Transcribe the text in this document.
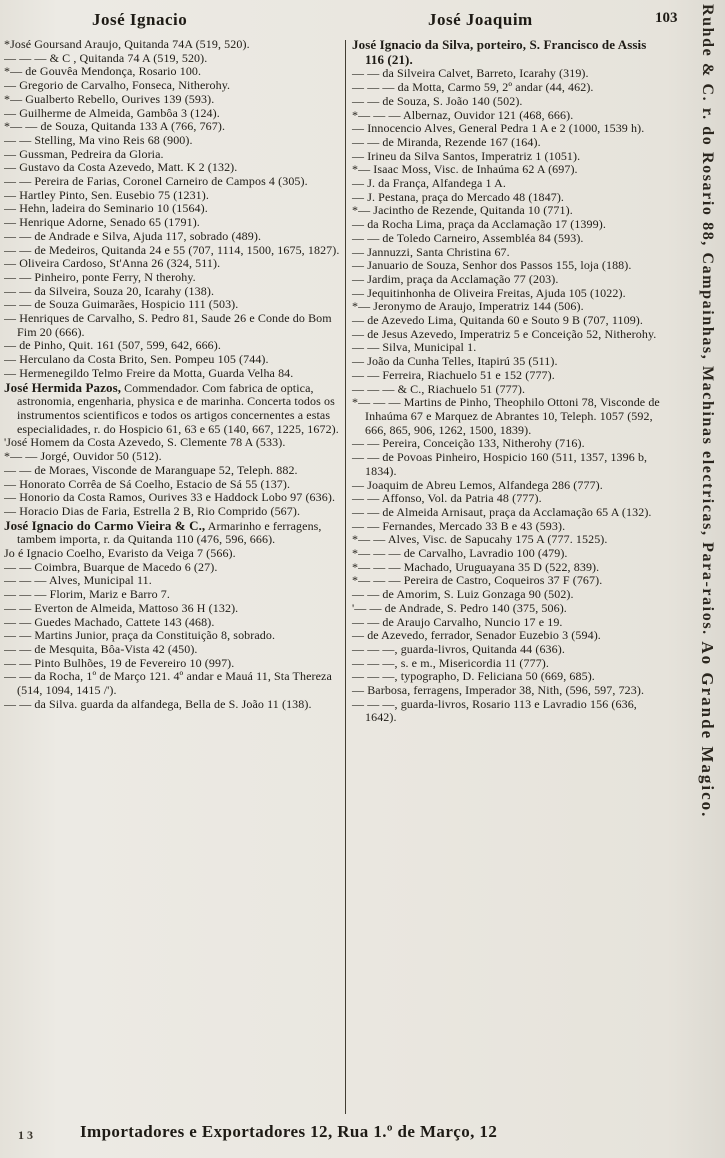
José Ignacio	José Joaquim	103
*José Goursand Araujo, Quitanda 74A (519, 520).
— — — & C , Quitanda 74 A (519, 520).
*— de Gouvêa Mendonça, Rosario 100.
— Gregorio de Carvalho, Fonseca, Nitherohy.
*— Gualberto Rebello, Ourives 139 (593).
— Guilherme de Almeida, Gambôa 3 (124).
*— — de Souza, Quitanda 133 A (766, 767).
— — Stelling, Ma vino Reis 68 (900).
— Gussman, Pedreira da Gloria.
— Gustavo da Costa Azevedo, Matt. K 2 (132).
— — Pereira de Farias, Coronel Carneiro de Campos 4 (305).
— Hartley Pinto, Sen. Eusebio 75 (1231).
— Hehn, ladeira do Seminario 10 (1564).
— Henrique Adorne, Senado 65 (1791).
— — de Andrade e Silva, Ajuda 117, sobrado (489).
— — de Medeiros, Quitanda 24 e 55 (707, 1114, 1500, 1675, 1827).
— Oliveira Cardoso, St'Anna 26 (324, 511).
— — Pinheiro, ponte Ferry, N therohy.
— — da Silveira, Souza 20, Icarahy (138).
— — de Souza Guimarães, Hospicio 111 (503).
— Henriques de Carvalho, S. Pedro 81, Saude 26 e Conde do Bom Fim 20 (666).
— de Pinho, Quit. 161 (507, 599, 642, 666).
— Herculano da Costa Brito, Sen. Pompeu 105 (744).
— Hermenegildo Telmo Freire da Motta, Guarda Velha 84.
José Hermida Pazos, Commendador. Com fabrica de optica, astronomia, engenharia, physica e de marinha. Concerta todos os instrumentos scientificos e todos os artigos concernentes a estas especialidades, r. do Hospicio 61, 63 e 65 (140, 667, 1225, 1672).
'José Homem da Costa Azevedo, S. Clemente 78 A (533).
*— — Jorgé, Ouvidor 50 (512).
— — de Moraes, Visconde de Maranguape 52, Teleph. 882.
— Honorato Corrêa de Sá Coelho, Estacio de Sá 55 (137).
— Honorio da Costa Ramos, Ourives 33 e Haddock Lobo 97 (636).
— Horacio Dias de Faria, Estrella 2 B, Rio Comprido (567).
José Ignacio do Carmo Vieira & C., Armarinho e ferragens, tambem importa, r. da Quitanda 110 (476, 596, 666).
Jo é Ignacio Coelho, Evaristo da Veiga 7 (566).
— — Coimbra, Buarque de Macedo 6 (27).
— — — Alves, Municipal 11.
— — — Florim, Mariz e Barro 7.
— — Everton de Almeida, Mattoso 36 H (132).
— — Guedes Machado, Cattete 143 (468).
— — Martins Junior, praça da Constituição 8, sobrado.
— — de Mesquita, Bôa-Vista 42 (450).
— — Pinto Bulhões, 19 de Fevereiro 10 (997).
— — da Rocha, 1º de Março 121. 4º andar e Mauá 11, Sta Thereza (514, 1094, 1415 /').
— — da Silva. guarda da alfandega, Bella de S. João 11 (138).
José Ignacio da Silva, porteiro, S. Francisco de Assis 116 (21).
— — da Silveira Calvet, Barreto, Icarahy (319).
— — — da Motta, Carmo 59, 2º andar (44, 462).
— — de Souza, S. João 140 (502).
*— — — Albernaz, Ouvidor 121 (468, 666).
— Innocencio Alves, General Pedra 1 A e 2 (1000, 1539 h).
— — de Miranda, Rezende 167 (164).
— Irineu da Silva Santos, Imperatriz 1 (1051).
*— Isaac Moss, Visc. de Inhaúma 62 A (697).
— J. da França, Alfandega 1 A.
— J. Pestana, praça do Mercado 48 (1847).
*— Jacintho de Rezende, Quitanda 10 (771).
— da Rocha Lima, praça da Acclamação 17 (1399).
— — de Toledo Carneiro, Assembléa 84 (593).
— Jannuzzi, Santa Christina 67.
— Januario de Souza, Senhor dos Passos 155, loja (188).
— Jardim, praça da Acclamação 77 (203).
— Jequitinhonha de Oliveira Freitas, Ajuda 105 (1022).
*— Jeronymo de Araujo, Imperatriz 144 (506).
— de Azevedo Lima, Quitanda 60 e Souto 9 B (707, 1109).
— de Jesus Azevedo, Imperatriz 5 e Conceição 52, Nitherohy.
— — Silva, Municipal 1.
— João da Cunha Telles, Itapirú 35 (511).
— — Ferreira, Riachuelo 51 e 152 (777).
— — — & C., Riachuelo 51 (777).
*— — — Martins de Pinho, Theophilo Ottoni 78, Visconde de Inhaúma 67 e Marquez de Abrantes 10, Teleph. 1057 (592, 666, 865, 906, 1262, 1500, 1839).
— — Pereira, Conceição 133, Nitherohy (716).
— — de Povoas Pinheiro, Hospicio 160 (511, 1357, 1396 b, 1834).
— Joaquim de Abreu Lemos, Alfandega 286 (777).
— — Affonso, Vol. da Patria 48 (777).
— — de Almeida Arnisaut, praça da Acclamação 65 A (132).
— — Fernandes, Mercado 33 B e 43 (593).
*— — Alves, Visc. de Sapucahy 175 A (777. 1525).
*— — — de Carvalho, Lavradio 100 (479).
*— — — Machado, Uruguayana 35 D (522, 839).
*— — — Pereira de Castro, Coqueiros 37 F (767).
— — de Amorim, S. Luiz Gonzaga 90 (502).
'— — de Andrade, S. Pedro 140 (375, 506).
— — de Araujo Carvalho, Nuncio 17 e 19.
— de Azevedo, ferrador, Senador Euzebio 3 (594).
— — —, guarda-livros, Quitanda 44 (636).
— — —, s. e m., Misericordia 11 (777).
— — —, typographo, D. Feliciana 50 (669, 685).
— Barbosa, ferragens, Imperador 38, Nith, (596, 597, 723).
— — —, guarda-livros, Rosario 113 e Lavradio 156 (636, 1642).
Ruhde & C. r. do Rosario 88, Campainhas, Machinas electricas, Para-raios. Ao Grande Magico.
1 3	Importadores e Exportadores 12, Rua 1.º de Março, 12
